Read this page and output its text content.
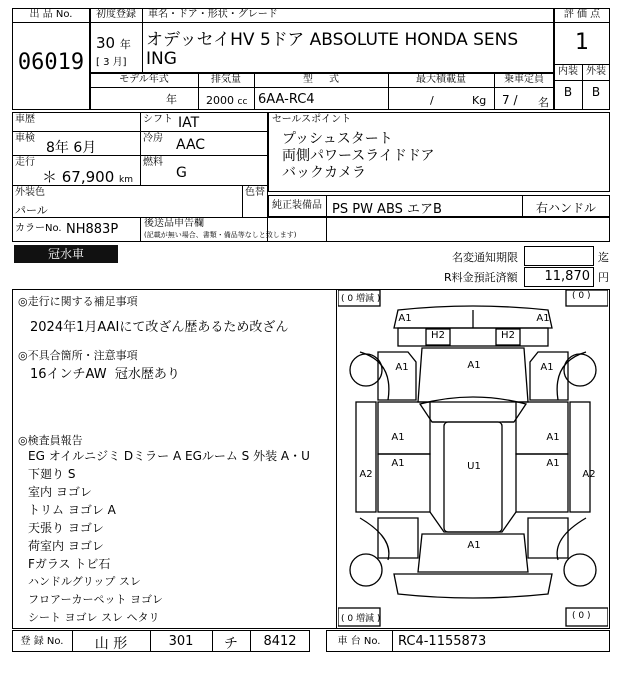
出 品 No.
06019
初度登録
30 年
[ 3 月]
車名・ドア・形状・グレード
オデッセイHV 5ドア ABSOLUTE HONDA SENS
ING
評 価 点
1
内装 外装
B	B
モデル年式
年
排気量
2000 cc
型     式
6AA-RC4
最大積載量
/	Kg
乗車定員
7 / 名
車歴	シフト IAT
車検
8年 6月
冷房 AAC
走行
＊ 67,900 km
燃料
G
外装色
パール
色替
カラーNo. NH883P
セールスポイント
プッシュスタート
両側パワースライドドア
バックカメラ
純正装備品 PS PW ABS エアB	右ハンドル
後送品申告欄
(記載が無い場合、書類・備品等なしと致します)
冠水車	名変通知期限	迄
R料金預託済額	11,870 円
◎走行に関する補足事項
2024年1月AAIにて改ざん歴あるため改ざん
◎不具合箇所・注意事項
16インチAW  冠水歴あり
◎検査員報告
EG オイルニジミ Dミラー A EGルーム S 外装 A・U
下廻り S
室内 ヨゴレ
トリム ヨゴレ A
天張り ヨゴレ
荷室内 ヨゴレ
Fガラス トビ石
ハンドルグリップ スレ
フロアーカーペット ヨゴレ
シート ヨゴレ スレ ヘタリ
( 0 増減 )	( 0 )
( 0 増減 )	( 0 )
A1	A1
H2	H2
A1	A1	A1
A1	A1
A1	U1	A1
A2	A2
A1
登 録 No.	山 形	301	チ	8412	車 台 No.	RC4-1155873
